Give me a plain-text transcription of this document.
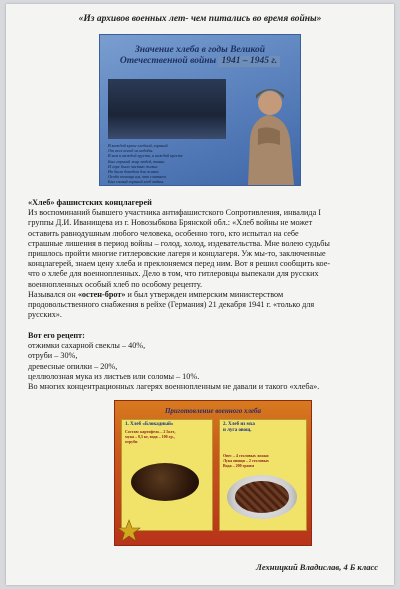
«Из архивов военных лет- чем питались во время войны»
Значение хлеба в годы Великой
Отечественной войны 1941 – 1945 г.
В каждой крохе хлебной, горький
От всех погиб их недобы.
В нем и каждой грусти, в каждой кресте
Был горький жар людей, ткани.
И горе было частью жизни
Но были доводом для жизни
Особо помощи им, что считаем
Был самый горький хлеб войны.
«Хлеб» фашистских концлагерей
Из воспоминаний бывшего участника антифашистского Сопротивления, инвалида I
группы Д.И. Иванищева из г. Новозыбкова Брянской обл.: «Хлеб войны не может
оставить равнодушным любого человека, особенно того, кто испытал на себе
страшные лишения в период войны – голод, холод, издевательства. Мне волею судьбы
пришлось пройти многие гитлеровские лагеря и концлагеря. Уж мы-то, заключенные
концлагерей, знаем цену хлеба и преклоняемся перед ним. Вот я решил сообщить кое-
что о хлебе для военнопленных. Дело в том, что гитлеровцы выпекали для русских
военнопленных особый хлеб по особому рецепту.
Назывался он «остен-брот» и был утвержден имперским министерством
продовольственного снабжения в рейхе (Германия) 21 декабря 1941 г. «только для
русских».
Вот его рецепт:
отжимки сахарной свеклы – 40%,
отруби – 30%,
древесные опилки – 20%,
целлюлозная мука из листьев или соломы – 10%.
Во многих концентрационных лагерях военнопленным не давали и такого «хлеба».
Приготовление военного хлеба
1. Хлеб «Блокадный»
Состав: картофель – 2 5кгх,
мука – 0,5 кг, вода – 100 гр.,
отруби
2. Хлеб из мха
и луга овощ.
Овес – 4 столовых ложки
Лука овощи – 2 столовых
Вода – 200 грамм
Лехницкий Владислав, 4 Б класс
